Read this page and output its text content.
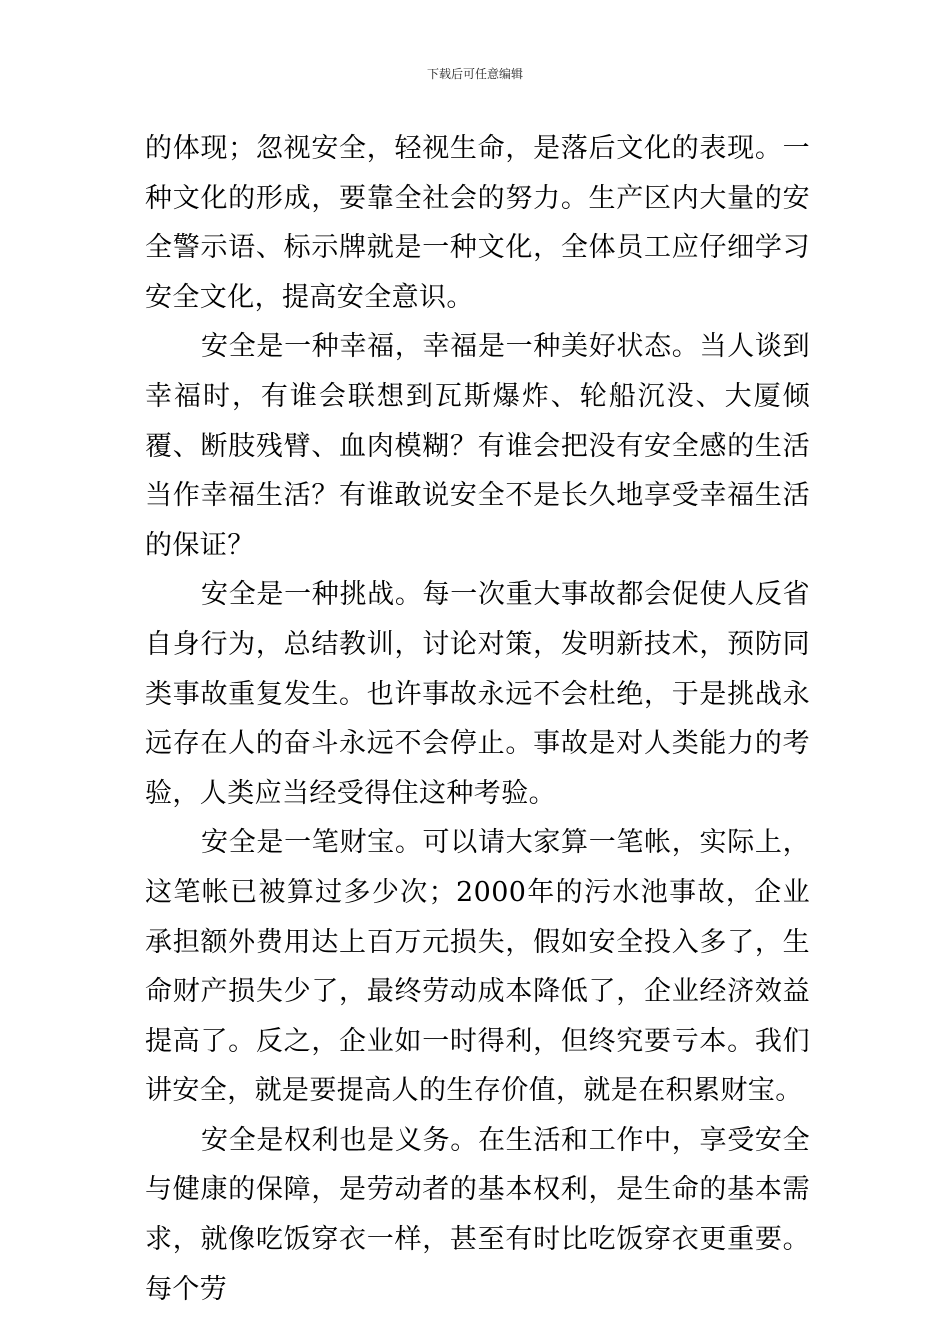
下载后可任意编辑

的体现；忽视安全，轻视生命，是落后文化的表现。一种文化的形成，要靠全社会的努力。生产区内大量的安全警示语、标示牌就是一种文化，全体员工应仔细学习安全文化，提高安全意识。

安全是一种幸福，幸福是一种美好状态。当人谈到幸福时，有谁会联想到瓦斯爆炸、轮船沉没、大厦倾覆、断肢残臂、血肉模糊？有谁会把没有安全感的生活当作幸福生活？有谁敢说安全不是长久地享受幸福生活的保证？

安全是一种挑战。每一次重大事故都会促使人反省自身行为，总结教训，讨论对策，发明新技术，预防同类事故重复发生。也许事故永远不会杜绝，于是挑战永远存在人的奋斗永远不会停止。事故是对人类能力的考验，人类应当经受得住这种考验。

安全是一笔财宝。可以请大家算一笔帐，实际上，这笔帐已被算过多少次；2000年的污水池事故，企业承担额外费用达上百万元损失，假如安全投入多了，生命财产损失少了，最终劳动成本降低了，企业经济效益提高了。反之，企业如一时得利，但终究要亏本。我们讲安全，就是要提高人的生存价值，就是在积累财宝。

安全是权利也是义务。在生活和工作中，享受安全与健康的保障，是劳动者的基本权利，是生命的基本需求，就像吃饭穿衣一样，甚至有时比吃饭穿衣更重要。每个劳
